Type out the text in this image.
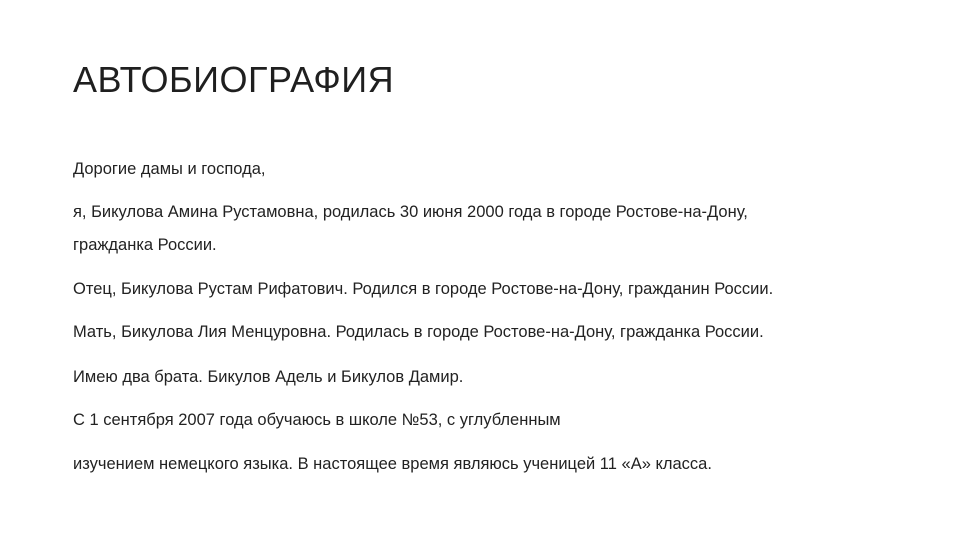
АВТОБИОГРАФИЯ
Дорогие дамы и господа,
я, Бикулова Амина Рустамовна, родилась 30 июня 2000 года в городе Ростове-на-Дону,
гражданка России.
Отец, Бикулова Рустам Рифатович. Родился в городе Ростове-на-Дону, гражданин России.
Мать, Бикулова Лия Менцуровна. Родилась в городе Ростове-на-Дону, гражданка России.
Имею два брата. Бикулов Адель и Бикулов Дамир.
С 1 сентября 2007 года обучаюсь в школе №53, с углубленным
изучением немецкого языка. В настоящее время являюсь ученицей 11 «А» класса.
